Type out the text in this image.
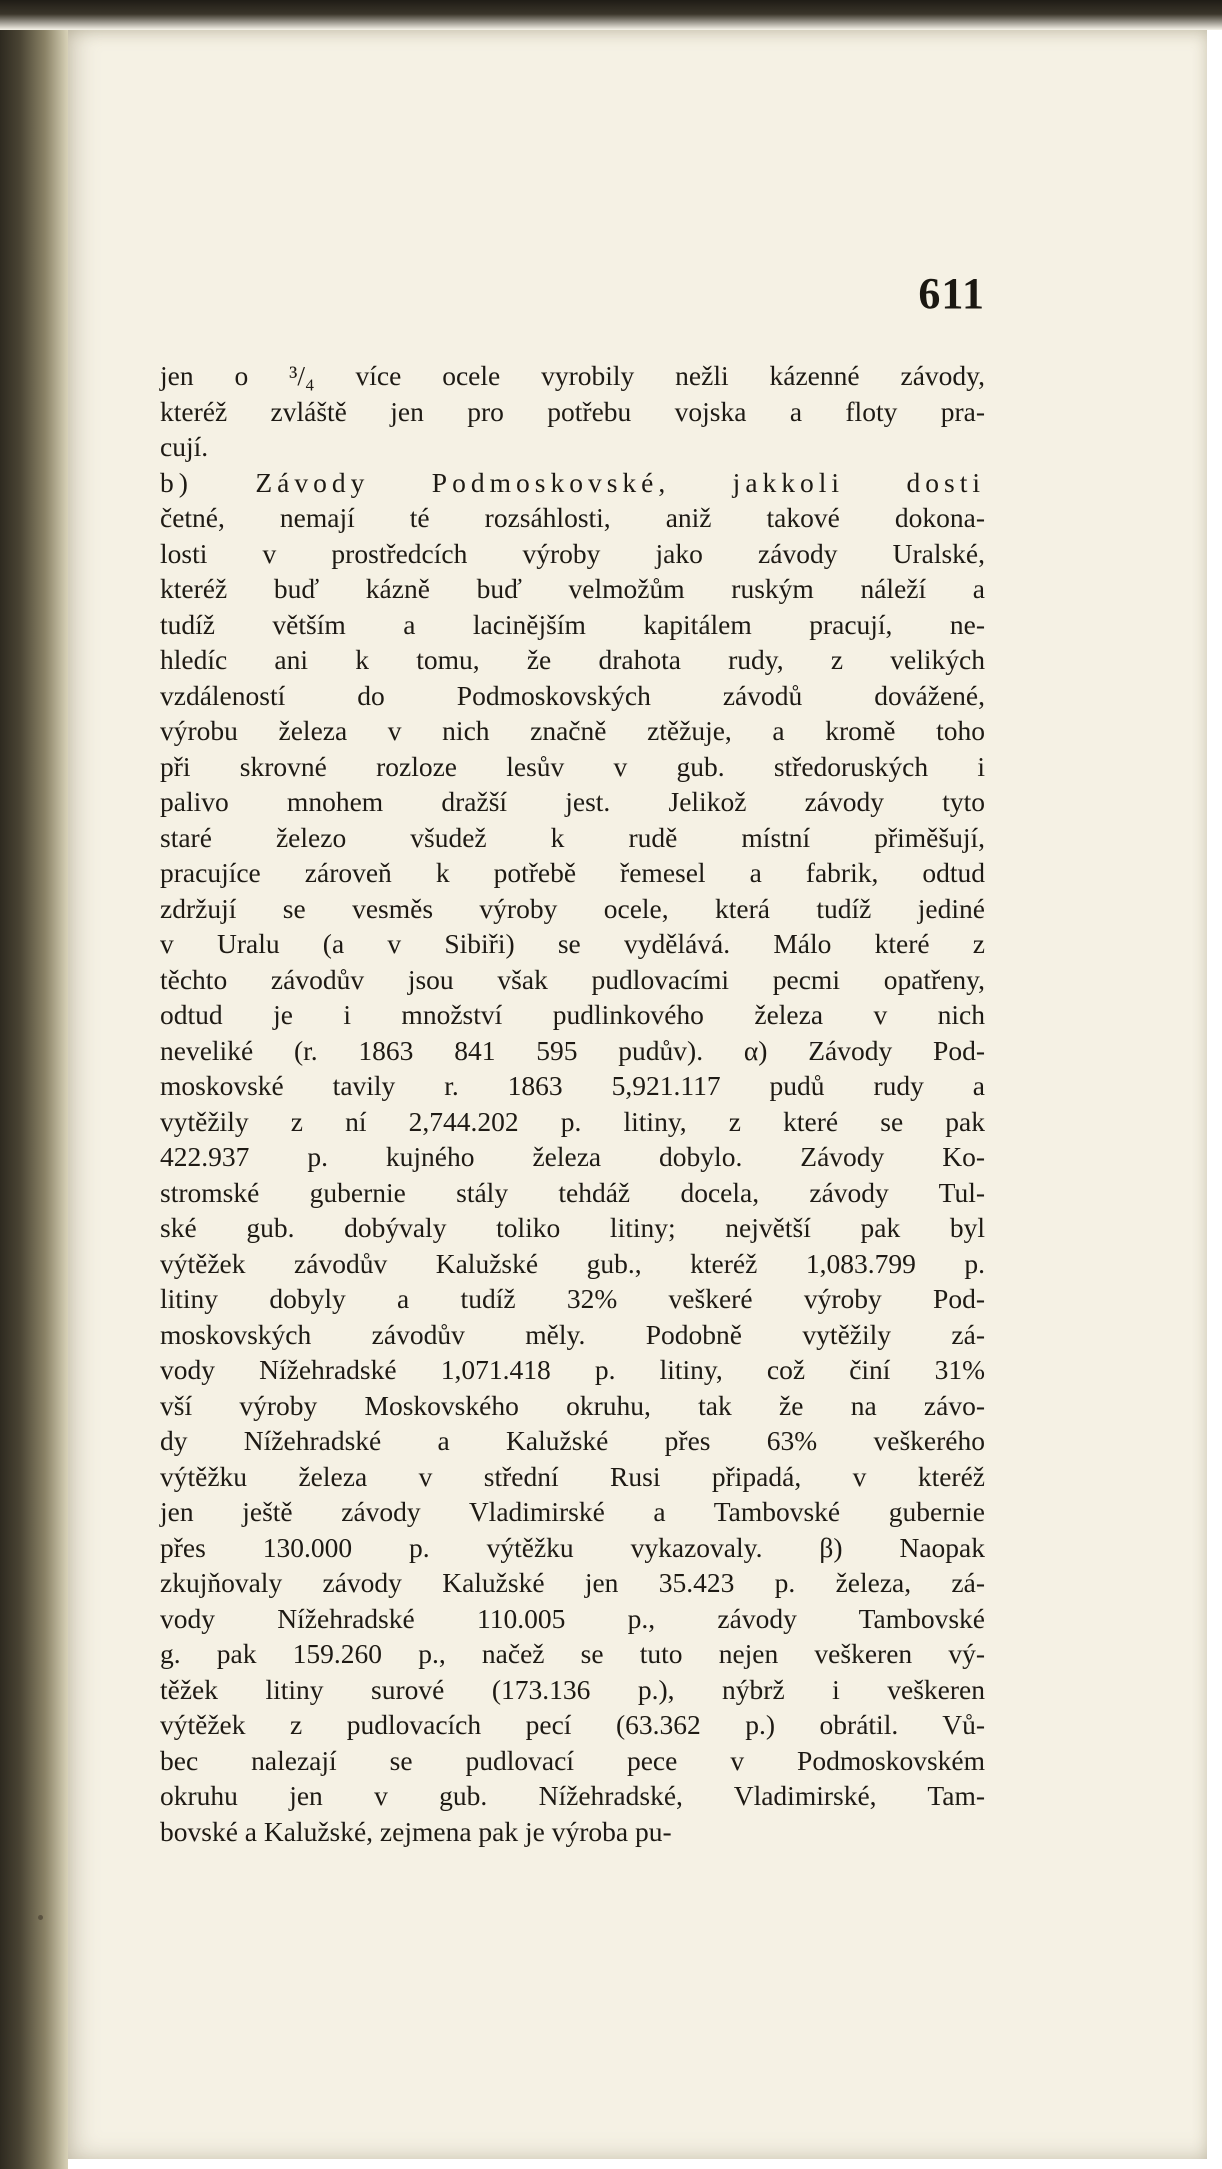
611
jen o ³/₄ více ocele vyrobily nežli kázenné závody,
kteréž zvláště jen pro potřebu vojska a floty pra-
cují.
b) Závody Podmoskovské, jakkoli dosti
četné, nemají té rozsáhlosti, aniž takové dokona-
losti v prostředcích výroby jako závody Uralské,
kteréž buď kázně buď velmožům ruským náleží a
tudíž větším a lacinějším kapitálem pracují, ne-
hledíc ani k tomu, že drahota rudy, z velikých
vzdáleností do Podmoskovských závodů dovážené,
výrobu železa v nich značně ztěžuje, a kromě toho
při skrovné rozloze lesův v gub. středoruských i
palivo mnohem dražší jest. Jelikož závody tyto
staré železo všudež k rudě místní přiměšují,
pracujíce zároveň k potřebě řemesel a fabrik, odtud
zdržují se vesměs výroby ocele, která tudíž jediné
v Uralu (a v Sibiři) se vydělává. Málo které z
těchto závodův jsou však pudlovacími pecmi opatřeny,
odtud je i množství pudlinkového železa v nich
neveliké (r. 1863 841 595 pudův). α) Závody Pod-
moskovské tavily r. 1863 5,921.117 pudů rudy a
vytěžily z ní 2,744.202 p. litiny, z které se pak
422.937 p. kujného železa dobylo. Závody Ko-
stromské gubernie stály tehdáž docela, závody Tul-
ské gub. dobývaly toliko litiny; největší pak byl
výtěžek závodův Kalužské gub., kteréž 1,083.799 p.
litiny dobyly a tudíž 32% veškeré výroby Pod-
moskovských závodův měly. Podobně vytěžily zá-
vody Nížehradské 1,071.418 p. litiny, což činí 31%
vší výroby Moskovského okruhu, tak že na závo-
dy Nížehradské a Kalužské přes 63% veškerého
výtěžku železa v střední Rusi připadá, v kteréž
jen ještě závody Vladimirské a Tambovské gubernie
přes 130.000 p. výtěžku vykazovaly. β) Naopak
zkujňovaly závody Kalužské jen 35.423 p. železa, zá-
vody Nížehradské 110.005 p., závody Tambovské
g. pak 159.260 p., načež se tuto nejen veškeren vý-
těžek litiny surové (173.136 p.), nýbrž i veškeren
výtěžek z pudlovacích pecí (63.362 p.) obrátil. Vů-
bec nalezají se pudlovací pece v Podmoskovském
okruhu jen v gub. Nížehradské, Vladimirské, Tam-
bovské a Kalužské, zejmena pak je výroba pu-
